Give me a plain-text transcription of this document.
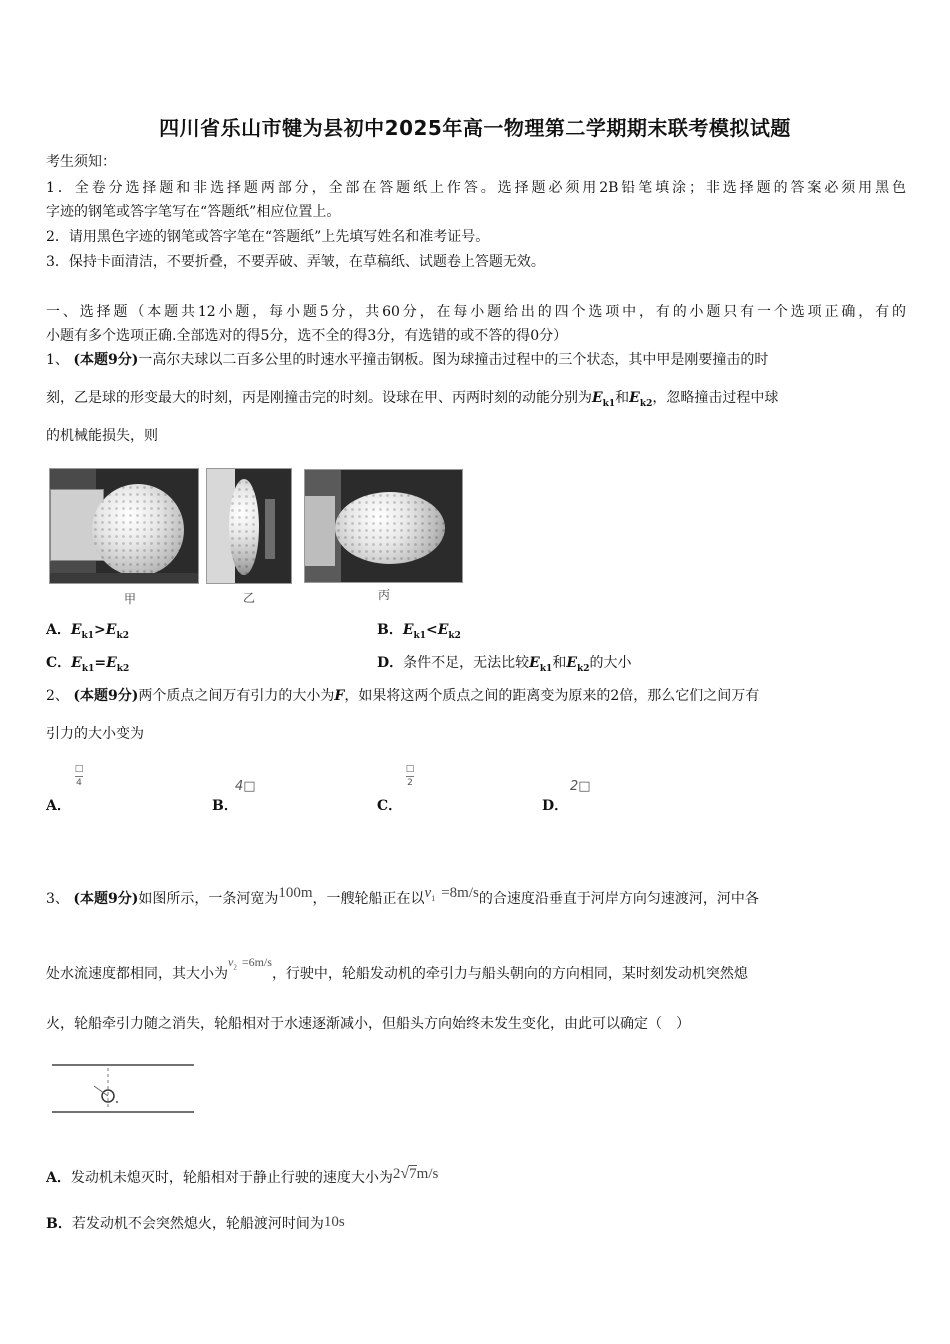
四川省乐山市犍为县初中2025年高一物理第二学期期末联考模拟试题
考生须知：
1．全卷分选择题和非选择题两部分，全部在答题纸上作答。选择题必须用2B铅笔填涂；非选择题的答案必须用黑色
字迹的钢笔或答字笔写在“答题纸”相应位置上。
2．请用黑色字迹的钢笔或答字笔在“答题纸”上先填写姓名和准考证号。
3．保持卡面清洁，不要折叠，不要弄破、弄皱，在草稿纸、试题卷上答题无效。
一、选择题（本题共12小题，每小题5分，共60分，在每小题给出的四个选项中，有的小题只有一个选项正确，有的
小题有多个选项正确.全部选对的得5分，选不全的得3分，有选错的或不答的得0分）
1、 (本题9分)一高尔夫球以二百多公里的时速水平撞击钢板。图为球撞击过程中的三个状态，其中甲是刚要撞击的时
刻，乙是球的形变最大的时刻，丙是刚撞击完的时刻。设球在甲、丙两时刻的动能分别为$E_{k1}$和$E_{k2}$，忽略撞击过程中球
的机械能损失，则
甲	乙	丙
A．$E_{k1}>E_{k2}$	B．$E_{k1}<E_{k2}$
C．$E_{k1}=E_{k2}$	D．条件不足，无法比较$E_{k1}$和$E_{k2}$的大小
2、 (本题9分)两个质点之间万有引力的大小为F，如果将这两个质点之间的距离变为原来的2倍，那么它们之间万有
引力的大小变为
A．
□
4
B．
4□
C．
□
2
D．
2□
3、 (本题9分)如图所示，一条河宽为100m，一艘轮船正在以$v_1 =8m/s$的合速度沿垂直于河岸方向匀速渡河，河中各
处水流速度都相同，其大小为$v_2 =6m/s$，行驶中，轮船发动机的牵引力与船头朝向的方向相同，某时刻发动机突然熄
火，轮船牵引力随之消失，轮船相对于水速逐渐减小，但船头方向始终未发生变化，由此可以确定（　）
A．发动机未熄灭时，轮船相对于静止行驶的速度大小为2√7m/s
B．若发动机不会突然熄火，轮船渡河时间为10s
